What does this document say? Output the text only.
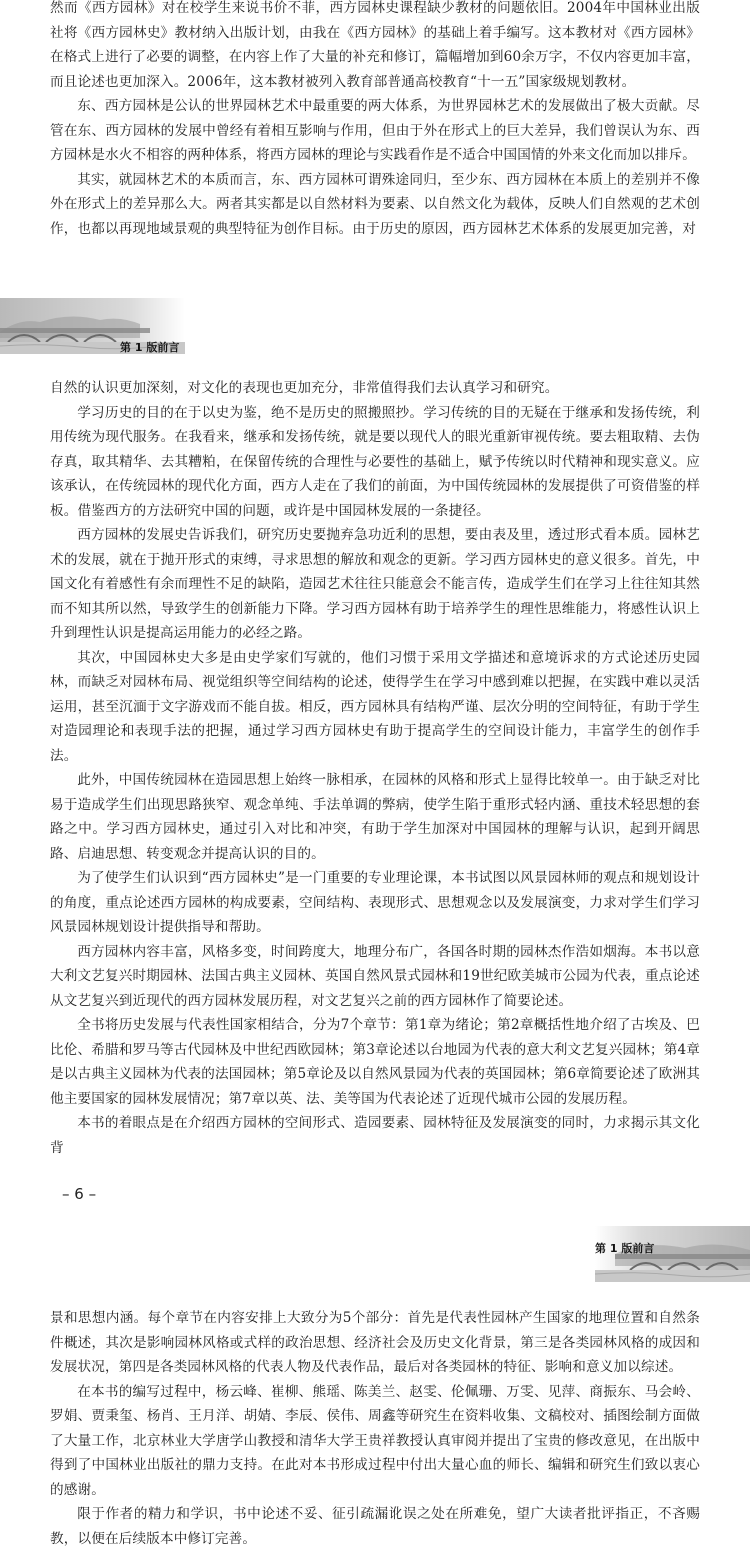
然而《西方园林》对在校学生来说书价不菲，西方园林史课程缺少教材的问题依旧。2004年中国林业出版社将《西方园林史》教材纳入出版计划，由我在《西方园林》的基础上着手编写。这本教材对《西方园林》在格式上进行了必要的调整，在内容上作了大量的补充和修订，篇幅增加到60余万字，不仅内容更加丰富，而且论述也更加深入。2006年，这本教材被列入教育部普通高校教育“十一五”国家级规划教材。

东、西方园林是公认的世界园林艺术中最重要的两大体系，为世界园林艺术的发展做出了极大贡献。尽管在东、西方园林的发展中曾经有着相互影响与作用，但由于外在形式上的巨大差异，我们曾误认为东、西方园林是水火不相容的两种体系，将西方园林的理论与实践看作是不适合中国国情的外来文化而加以排斥。

其实，就园林艺术的本质而言，东、西方园林可谓殊途同归，至少东、西方园林在本质上的差别并不像外在形式上的差异那么大。两者其实都是以自然材料为要素、以自然文化为载体，反映人们自然观的艺术创作，也都以再现地域景观的典型特征为创作目标。由于历史的原因，西方园林艺术体系的发展更加完善，对

第 1 版前言

自然的认识更加深刻，对文化的表现也更加充分，非常值得我们去认真学习和研究。

学习历史的目的在于以史为鉴，绝不是历史的照搬照抄。学习传统的目的无疑在于继承和发扬传统，利用传统为现代服务。在我看来，继承和发扬传统，就是要以现代人的眼光重新审视传统。要去粗取精、去伪存真，取其精华、去其糟粕，在保留传统的合理性与必要性的基础上，赋予传统以时代精神和现实意义。应该承认，在传统园林的现代化方面，西方人走在了我们的前面，为中国传统园林的发展提供了可资借鉴的样板。借鉴西方的方法研究中国的问题，或许是中国园林发展的一条捷径。

西方园林的发展史告诉我们，研究历史要抛弃急功近利的思想，要由表及里，透过形式看本质。园林艺术的发展，就在于抛开形式的束缚，寻求思想的解放和观念的更新。学习西方园林史的意义很多。首先，中国文化有着感性有余而理性不足的缺陷，造园艺术往往只能意会不能言传，造成学生们在学习上往往知其然而不知其所以然，导致学生的创新能力下降。学习西方园林有助于培养学生的理性思维能力，将感性认识上升到理性认识是提高运用能力的必经之路。

其次，中国园林史大多是由史学家们写就的，他们习惯于采用文学描述和意境诉求的方式论述历史园林，而缺乏对园林布局、视觉组织等空间结构的论述，使得学生在学习中感到难以把握，在实践中难以灵活运用，甚至沉湎于文字游戏而不能自拔。相反，西方园林具有结构严谨、层次分明的空间特征，有助于学生对造园理论和表现手法的把握，通过学习西方园林史有助于提高学生的空间设计能力，丰富学生的创作手法。

此外，中国传统园林在造园思想上始终一脉相承，在园林的风格和形式上显得比较单一。由于缺乏对比易于造成学生们出现思路狭窄、观念单纯、手法单调的弊病，使学生陷于重形式轻内涵、重技术轻思想的套路之中。学习西方园林史，通过引入对比和冲突，有助于学生加深对中国园林的理解与认识，起到开阔思路、启迪思想、转变观念并提高认识的目的。

为了使学生们认识到“西方园林史”是一门重要的专业理论课，本书试图以风景园林师的观点和规划设计的角度，重点论述西方园林的构成要素，空间结构、表现形式、思想观念以及发展演变，力求对学生们学习风景园林规划设计提供指导和帮助。

西方园林内容丰富，风格多变，时间跨度大，地理分布广，各国各时期的园林杰作浩如烟海。本书以意大利文艺复兴时期园林、法国古典主义园林、英国自然风景式园林和19世纪欧美城市公园为代表，重点论述从文艺复兴到近现代的西方园林发展历程，对文艺复兴之前的西方园林作了简要论述。

全书将历史发展与代表性国家相结合，分为7个章节：第1章为绪论；第2章概括性地介绍了古埃及、巴比伦、希腊和罗马等古代园林及中世纪西欧园林；第3章论述以台地园为代表的意大利文艺复兴园林；第4章是以古典主义园林为代表的法国园林；第5章论及以自然风景园为代表的英国园林；第6章简要论述了欧洲其他主要国家的园林发展情况；第7章以英、法、美等国为代表论述了近现代城市公园的发展历程。

本书的着眼点是在介绍西方园林的空间形式、造园要素、园林特征及发展演变的同时，力求揭示其文化背

– 6 –
第 1 版前言

景和思想内涵。每个章节在内容安排上大致分为5个部分：首先是代表性园林产生国家的地理位置和自然条件概述，其次是影响园林风格或式样的政治思想、经济社会及历史文化背景，第三是各类园林风格的成因和发展状况，第四是各类园林风格的代表人物及代表作品，最后对各类园林的特征、影响和意义加以综述。

在本书的编写过程中，杨云峰、崔柳、熊瑶、陈美兰、赵雯、伦佩珊、万雯、见萍、商振东、马会岭、罗娟、贾秉玺、杨肖、王月洋、胡婧、李辰、侯伟、周鑫等研究生在资料收集、文稿校对、插图绘制方面做了大量工作，北京林业大学唐学山教授和清华大学王贵祥教授认真审阅并提出了宝贵的修改意见，在出版中得到了中国林业出版社的鼎力支持。在此对本书形成过程中付出大量心血的师长、编辑和研究生们致以衷心的感谢。

限于作者的精力和学识，书中论述不妥、征引疏漏讹误之处在所难免，望广大读者批评指正，不吝赐教，以便在后续版本中修订完善。
